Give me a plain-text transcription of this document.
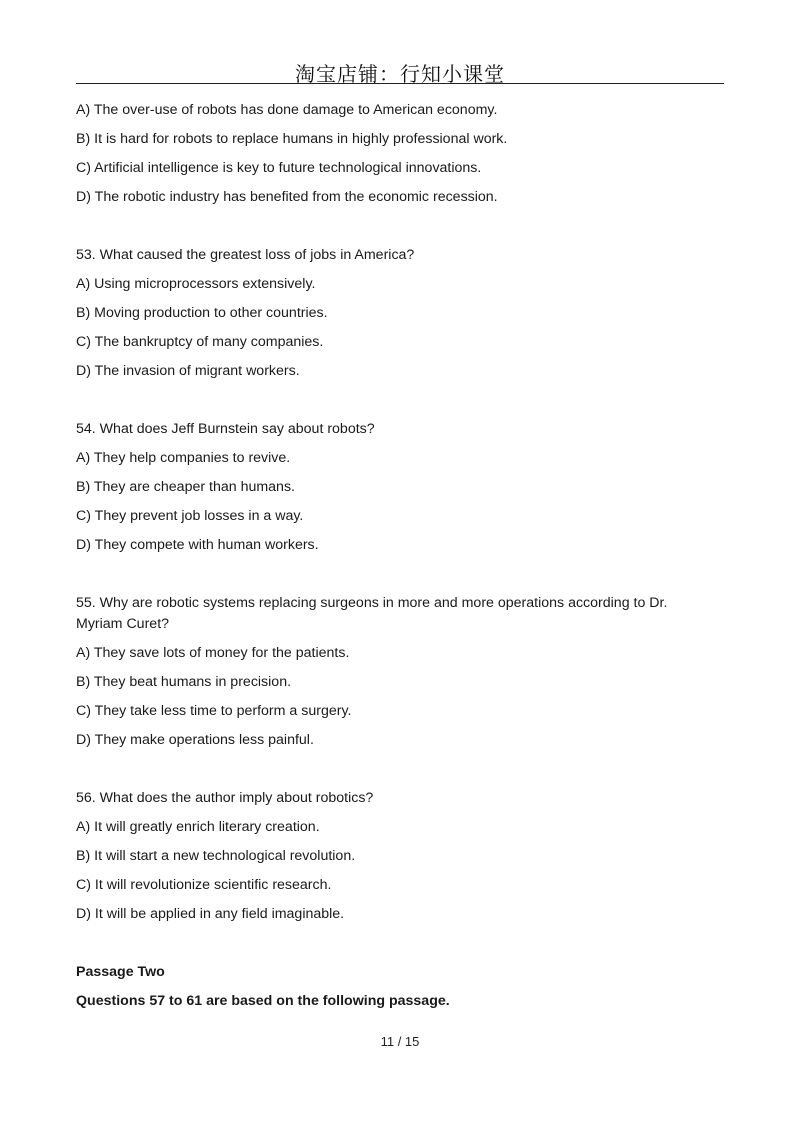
淘宝店铺：行知小课堂
A) The over-use of robots has done damage to American economy.
B) It is hard for robots to replace humans in highly professional work.
C) Artificial intelligence is key to future technological innovations.
D) The robotic industry has benefited from the economic recession.
53. What caused the greatest loss of jobs in America?
A) Using microprocessors extensively.
B) Moving production to other countries.
C) The bankruptcy of many companies.
D) The invasion of migrant workers.
54. What does Jeff Burnstein say about robots?
A) They help companies to revive.
B) They are cheaper than humans.
C) They prevent job losses in a way.
D) They compete with human workers.
55. Why are robotic systems replacing surgeons in more and more operations according to Dr. Myriam Curet?
A) They save lots of money for the patients.
B) They beat humans in precision.
C) They take less time to perform a surgery.
D) They make operations less painful.
56. What does the author imply about robotics?
A) It will greatly enrich literary creation.
B) It will start a new technological revolution.
C) It will revolutionize scientific research.
D) It will be applied in any field imaginable.
Passage Two
Questions 57 to 61 are based on the following passage.
11 / 15
